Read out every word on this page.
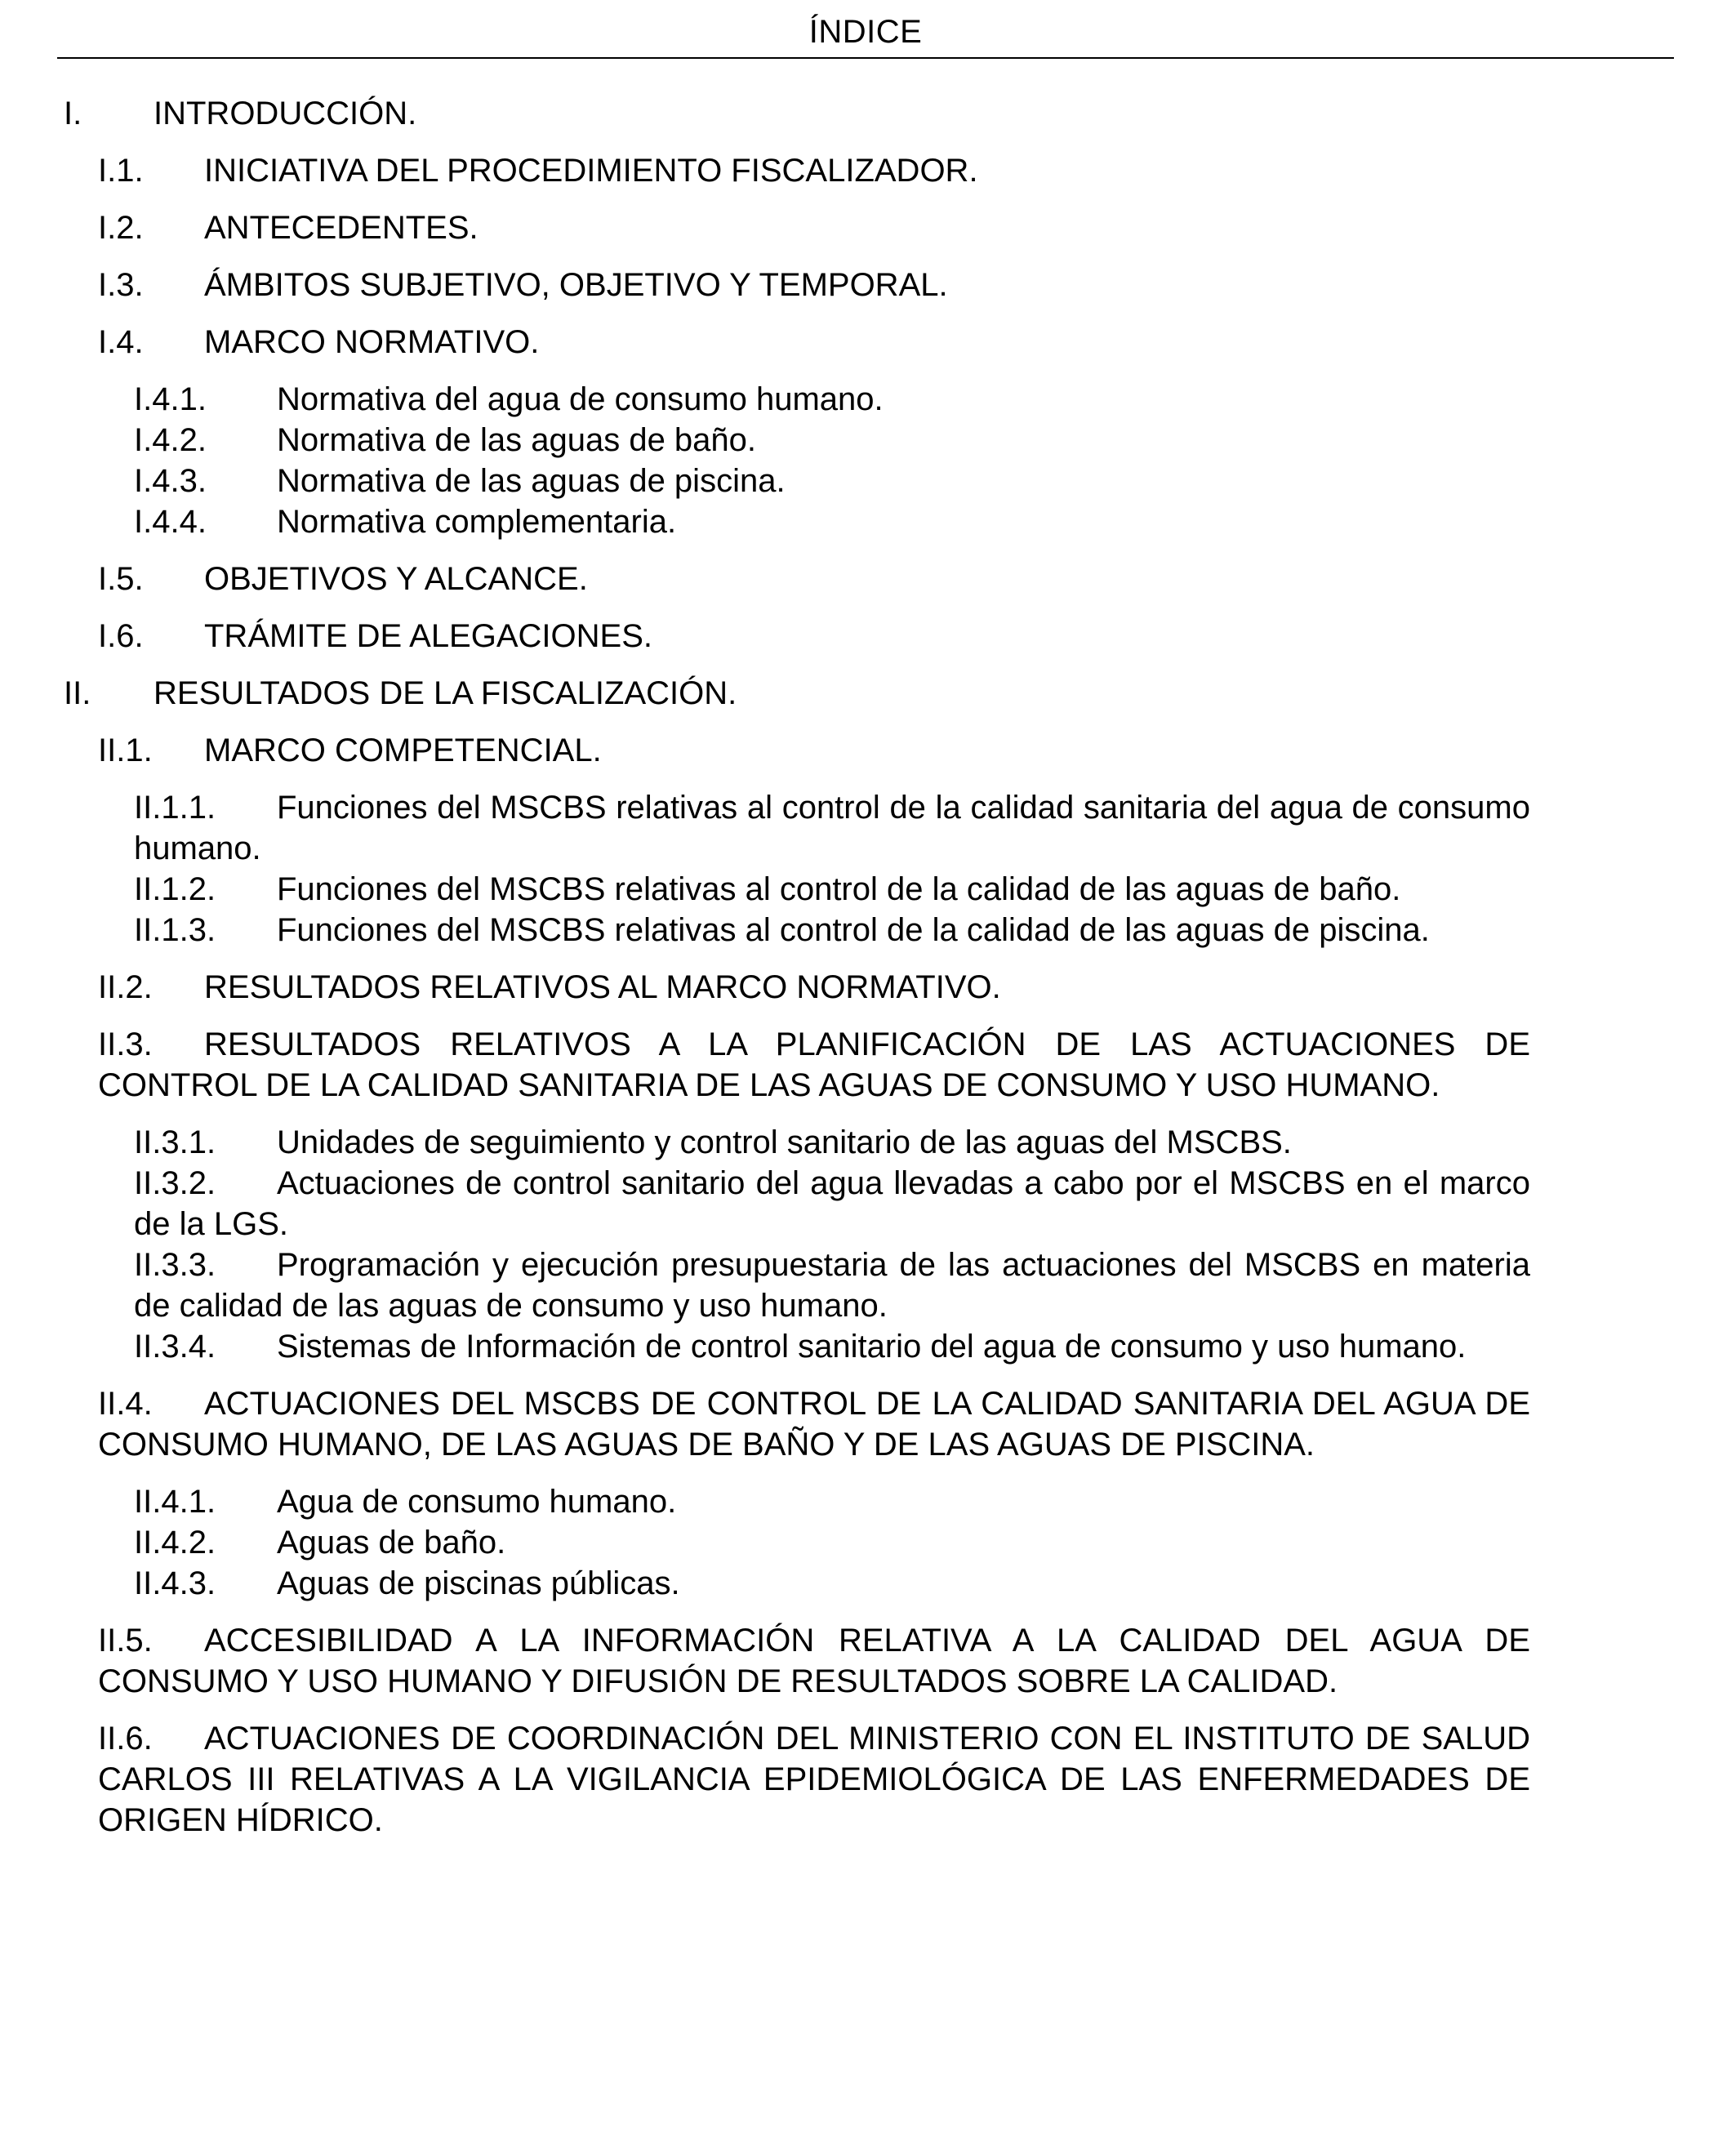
ÍNDICE
I.	INTRODUCCIÓN.
I.1.	INICIATIVA DEL PROCEDIMIENTO FISCALIZADOR.
I.2.	ANTECEDENTES.
I.3.	ÁMBITOS SUBJETIVO, OBJETIVO Y TEMPORAL.
I.4.	MARCO NORMATIVO.
I.4.1.	Normativa del agua de consumo humano.
I.4.2.	Normativa de las aguas de baño.
I.4.3.	Normativa de las aguas de piscina.
I.4.4.	Normativa complementaria.
I.5.	OBJETIVOS Y ALCANCE.
I.6.	TRÁMITE DE ALEGACIONES.
II.	RESULTADOS DE LA FISCALIZACIÓN.
II.1.	MARCO COMPETENCIAL.
II.1.1. Funciones del MSCBS relativas al control de la calidad sanitaria del agua de consumo humano.
II.1.2. Funciones del MSCBS relativas al control de la calidad de las aguas de baño.
II.1.3. Funciones del MSCBS relativas al control de la calidad de las aguas de piscina.
II.2.	RESULTADOS RELATIVOS AL MARCO NORMATIVO.
II.3. RESULTADOS RELATIVOS A LA PLANIFICACIÓN DE LAS ACTUACIONES DE CONTROL DE LA CALIDAD SANITARIA DE LAS AGUAS DE CONSUMO Y USO HUMANO.
II.3.1. Unidades de seguimiento y control sanitario de las aguas del MSCBS.
II.3.2. Actuaciones de control sanitario del agua llevadas a cabo por el MSCBS en el marco de la LGS.
II.3.3. Programación y ejecución presupuestaria de las actuaciones del MSCBS en materia de calidad de las aguas de consumo y uso humano.
II.3.4. Sistemas de Información de control sanitario del agua de consumo y uso humano.
II.4. ACTUACIONES DEL MSCBS DE CONTROL DE LA CALIDAD SANITARIA DEL AGUA DE CONSUMO HUMANO, DE LAS AGUAS DE BAÑO Y DE LAS AGUAS DE PISCINA.
II.4.1.	Agua de consumo humano.
II.4.2.	Aguas de baño.
II.4.3.	Aguas de piscinas públicas.
II.5. ACCESIBILIDAD A LA INFORMACIÓN RELATIVA A LA CALIDAD DEL AGUA DE CONSUMO Y USO HUMANO Y DIFUSIÓN DE RESULTADOS SOBRE LA CALIDAD.
II.6. ACTUACIONES DE COORDINACIÓN DEL MINISTERIO CON EL INSTITUTO DE SALUD CARLOS III RELATIVAS A LA VIGILANCIA EPIDEMIOLÓGICA DE LAS ENFERMEDADES DE ORIGEN HÍDRICO.
